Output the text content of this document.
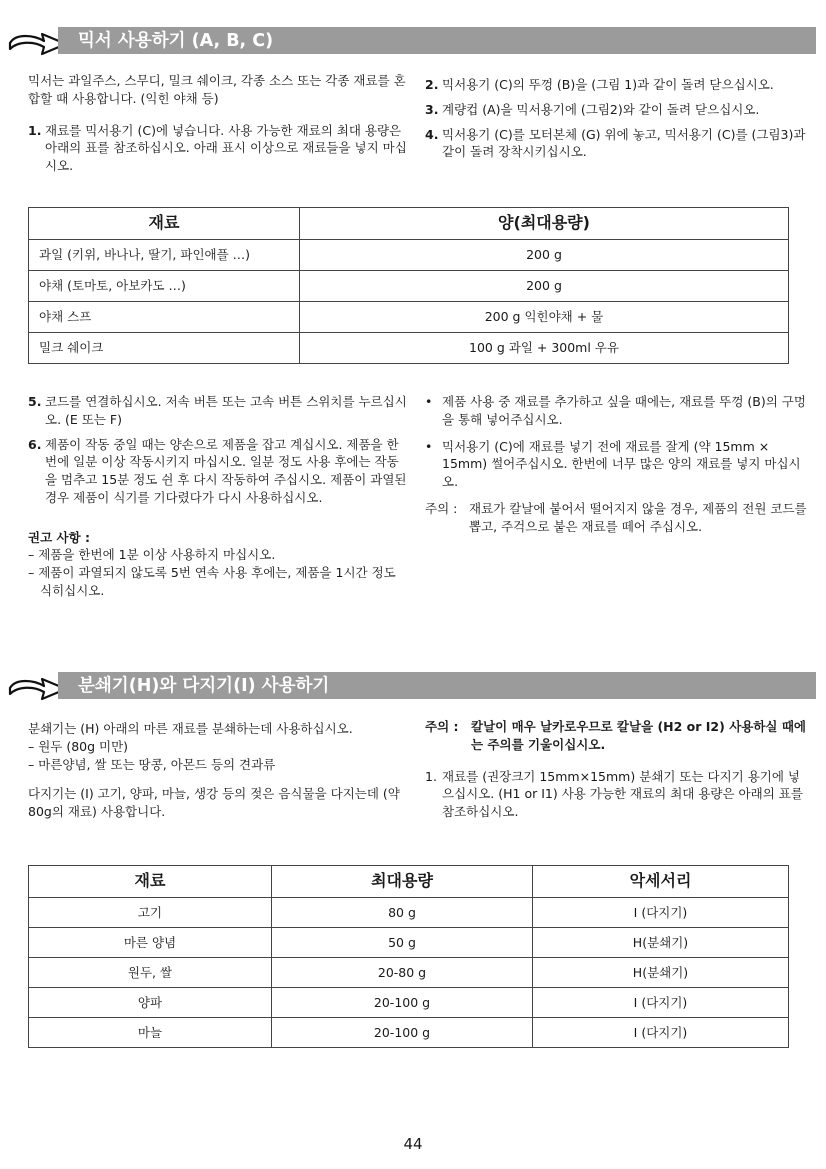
믹서 사용하기 (A, B, C)

믹서는 과일주스, 스무디, 밀크 쉐이크, 각종 소스 또는 각종 재료를 혼합할 때 사용합니다. (익힌 야채 등)

1. 재료를 믹서용기 (C)에 넣습니다. 사용 가능한 재료의 최대 용량은 아래의 표를 참조하십시오. 아래 표시 이상으로 재료들을 넣지 마십시오.
2. 믹서용기 (C)의 뚜껑 (B)을 (그림 1)과 같이 돌려 닫으십시오.
3. 계량컵 (A)을 믹서용기에 (그림2)와 같이 돌려 닫으십시오.
4. 믹서용기 (C)를 모터본체 (G) 위에 놓고, 믹서용기 (C)를 (그림3)과 같이 돌려 장착시키십시오.
재료	양(최대용량)
과일 (키위, 바나나, 딸기, 파인애플 …)	200 g
야채 (토마토, 아보카도 …)	200 g
야채 스프	200 g 익힌야채 + 물
밀크 쉐이크	100 g 과일 + 300ml 우유
5. 코드를 연결하십시오. 저속 버튼 또는 고속 버튼 스위치를 누르십시오. (E 또는 F)
6. 제품이 작동 중일 때는 양손으로 제품을 잡고 계십시오. 제품을 한번에 일분 이상 작동시키지 마십시오. 일분 정도 사용 후에는 작동을 멈추고 15분 정도 쉰 후 다시 작동하여 주십시오. 제품이 과열된 경우 제품이 식기를 기다렸다가 다시 사용하십시오.

권고 사항 :

– 제품을 한번에 1분 이상 사용하지 마십시오.

– 제품이 과열되지 않도록 5번 연속 사용 후에는, 제품을 1시간 정도 식히십시오.

• 제품 사용 중 재료를 추가하고 싶을 때에는, 재료를 뚜껑 (B)의 구멍을 통해 넣어주십시오.
• 믹서용기 (C)에 재료를 넣기 전에 재료를 잘게 (약 15mm × 15mm) 썰어주십시오. 한번에 너무 많은 양의 재료를 넣지 마십시오.
주의 : 재료가 칼날에 붙어서 떨어지지 않을 경우, 제품의 전원 코드를 뽑고, 주걱으로 붙은 재료를 떼어 주십시오.
분쇄기(H)와 다지기(I) 사용하기

분쇄기는 (H) 아래의 마른 재료를 분쇄하는데 사용하십시오.

– 원두 (80g 미만)

– 마른양념, 쌀 또는 땅콩, 아몬드 등의 견과류

다지기는 (I) 고기, 양파, 마늘, 생강 등의 젖은 음식물을 다지는데 (약 80g의 재료) 사용합니다.

주의 : 칼날이 매우 날카로우므로 칼날을 (H2 or I2) 사용하실 때에는 주의를 기울이십시오.
1. 재료를 (권장크기 15mm×15mm) 분쇄기 또는 다지기 용기에 넣으십시오. (H1 or I1) 사용 가능한 재료의 최대 용량은 아래의 표를 참조하십시오.
재료	최대용량	악세서리
고기	80 g	I (다지기)
마른 양념	50 g	H(분쇄기)
원두, 쌀	20-80 g	H(분쇄기)
양파	20-100 g	I (다지기)
마늘	20-100 g	I (다지기)
44
